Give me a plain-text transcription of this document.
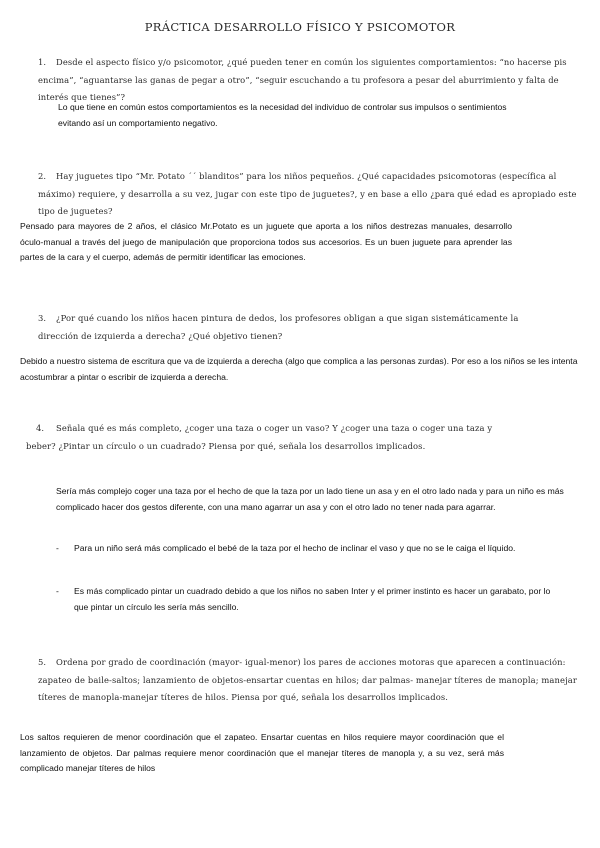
PRÁCTICA DESARROLLO FÍSICO Y PSICOMOTOR
1.	Desde el aspecto físico y/o psicomotor, ¿qué pueden tener en común los siguientes comportamientos: “no hacerse pis encima”, “aguantarse las ganas de pegar a otro”, “seguir escuchando a tu profesora a pesar del aburrimiento y falta de interés que tienes”?
Lo que tiene en común estos comportamientos es la necesidad del individuo de controlar sus impulsos o sentimientos evitando así un comportamiento negativo.
2.	Hay juguetes tipo “Mr. Potato ´´ blanditos” para los niños pequeños. ¿Qué capacidades psicomotoras (específica al máximo) requiere, y desarrolla a su vez, jugar con este tipo de juguetes?, y en base a ello ¿para qué edad es apropiado este tipo de juguetes?
Pensado para mayores de 2 años, el clásico Mr.Potato es un juguete que aporta a los niños destrezas manuales, desarrollo óculo-manual a través del juego de manipulación que proporciona todos sus accesorios. Es un buen juguete para aprender las partes de la cara y el cuerpo, además de permitir identificar las emociones.
3.	¿Por qué cuando los niños hacen pintura de dedos, los profesores obligan a que sigan sistemáticamente la dirección de izquierda a derecha? ¿Qué objetivo tienen?
Debido a nuestro sistema de escritura que va de izquierda a derecha (algo que complica a las personas zurdas). Por eso a los niños se les intenta acostumbrar a pintar o escribir de izquierda a derecha.
4.	Señala qué es más completo, ¿coger una taza o coger un vaso? Y ¿coger una taza o coger una taza y beber? ¿Pintar un círculo o un cuadrado? Piensa por qué, señala los desarrollos implicados.
Sería más complejo coger una taza por el hecho de que la taza por un lado tiene un asa y en el otro lado nada y para un niño es más complicado hacer dos gestos diferente, con una mano agarrar un asa y con el otro lado no tener nada para agarrar.
-	Para un niño será más complicado el bebé de la taza por el hecho de inclinar el vaso y que no se le caiga el líquido.
-	Es más complicado pintar un cuadrado debido a que los niños no saben Inter y el primer instinto es hacer un garabato, por lo que pintar un círculo les sería más sencillo.
5.	Ordena por grado de coordinación (mayor- igual-menor) los pares de acciones motoras que aparecen a continuación: zapateo de baile-saltos; lanzamiento de objetos-ensartar cuentas en hilos; dar palmas- manejar títeres de manopla; manejar títeres de manopla-manejar títeres de hilos. Piensa por qué, señala los desarrollos implicados.
Los saltos requieren de menor coordinación que el zapateo. Ensartar cuentas en hilos requiere mayor coordinación que el lanzamiento de objetos. Dar palmas requiere menor coordinación que el manejar títeres de manopla y, a su vez, será más complicado manejar títeres de hilos
